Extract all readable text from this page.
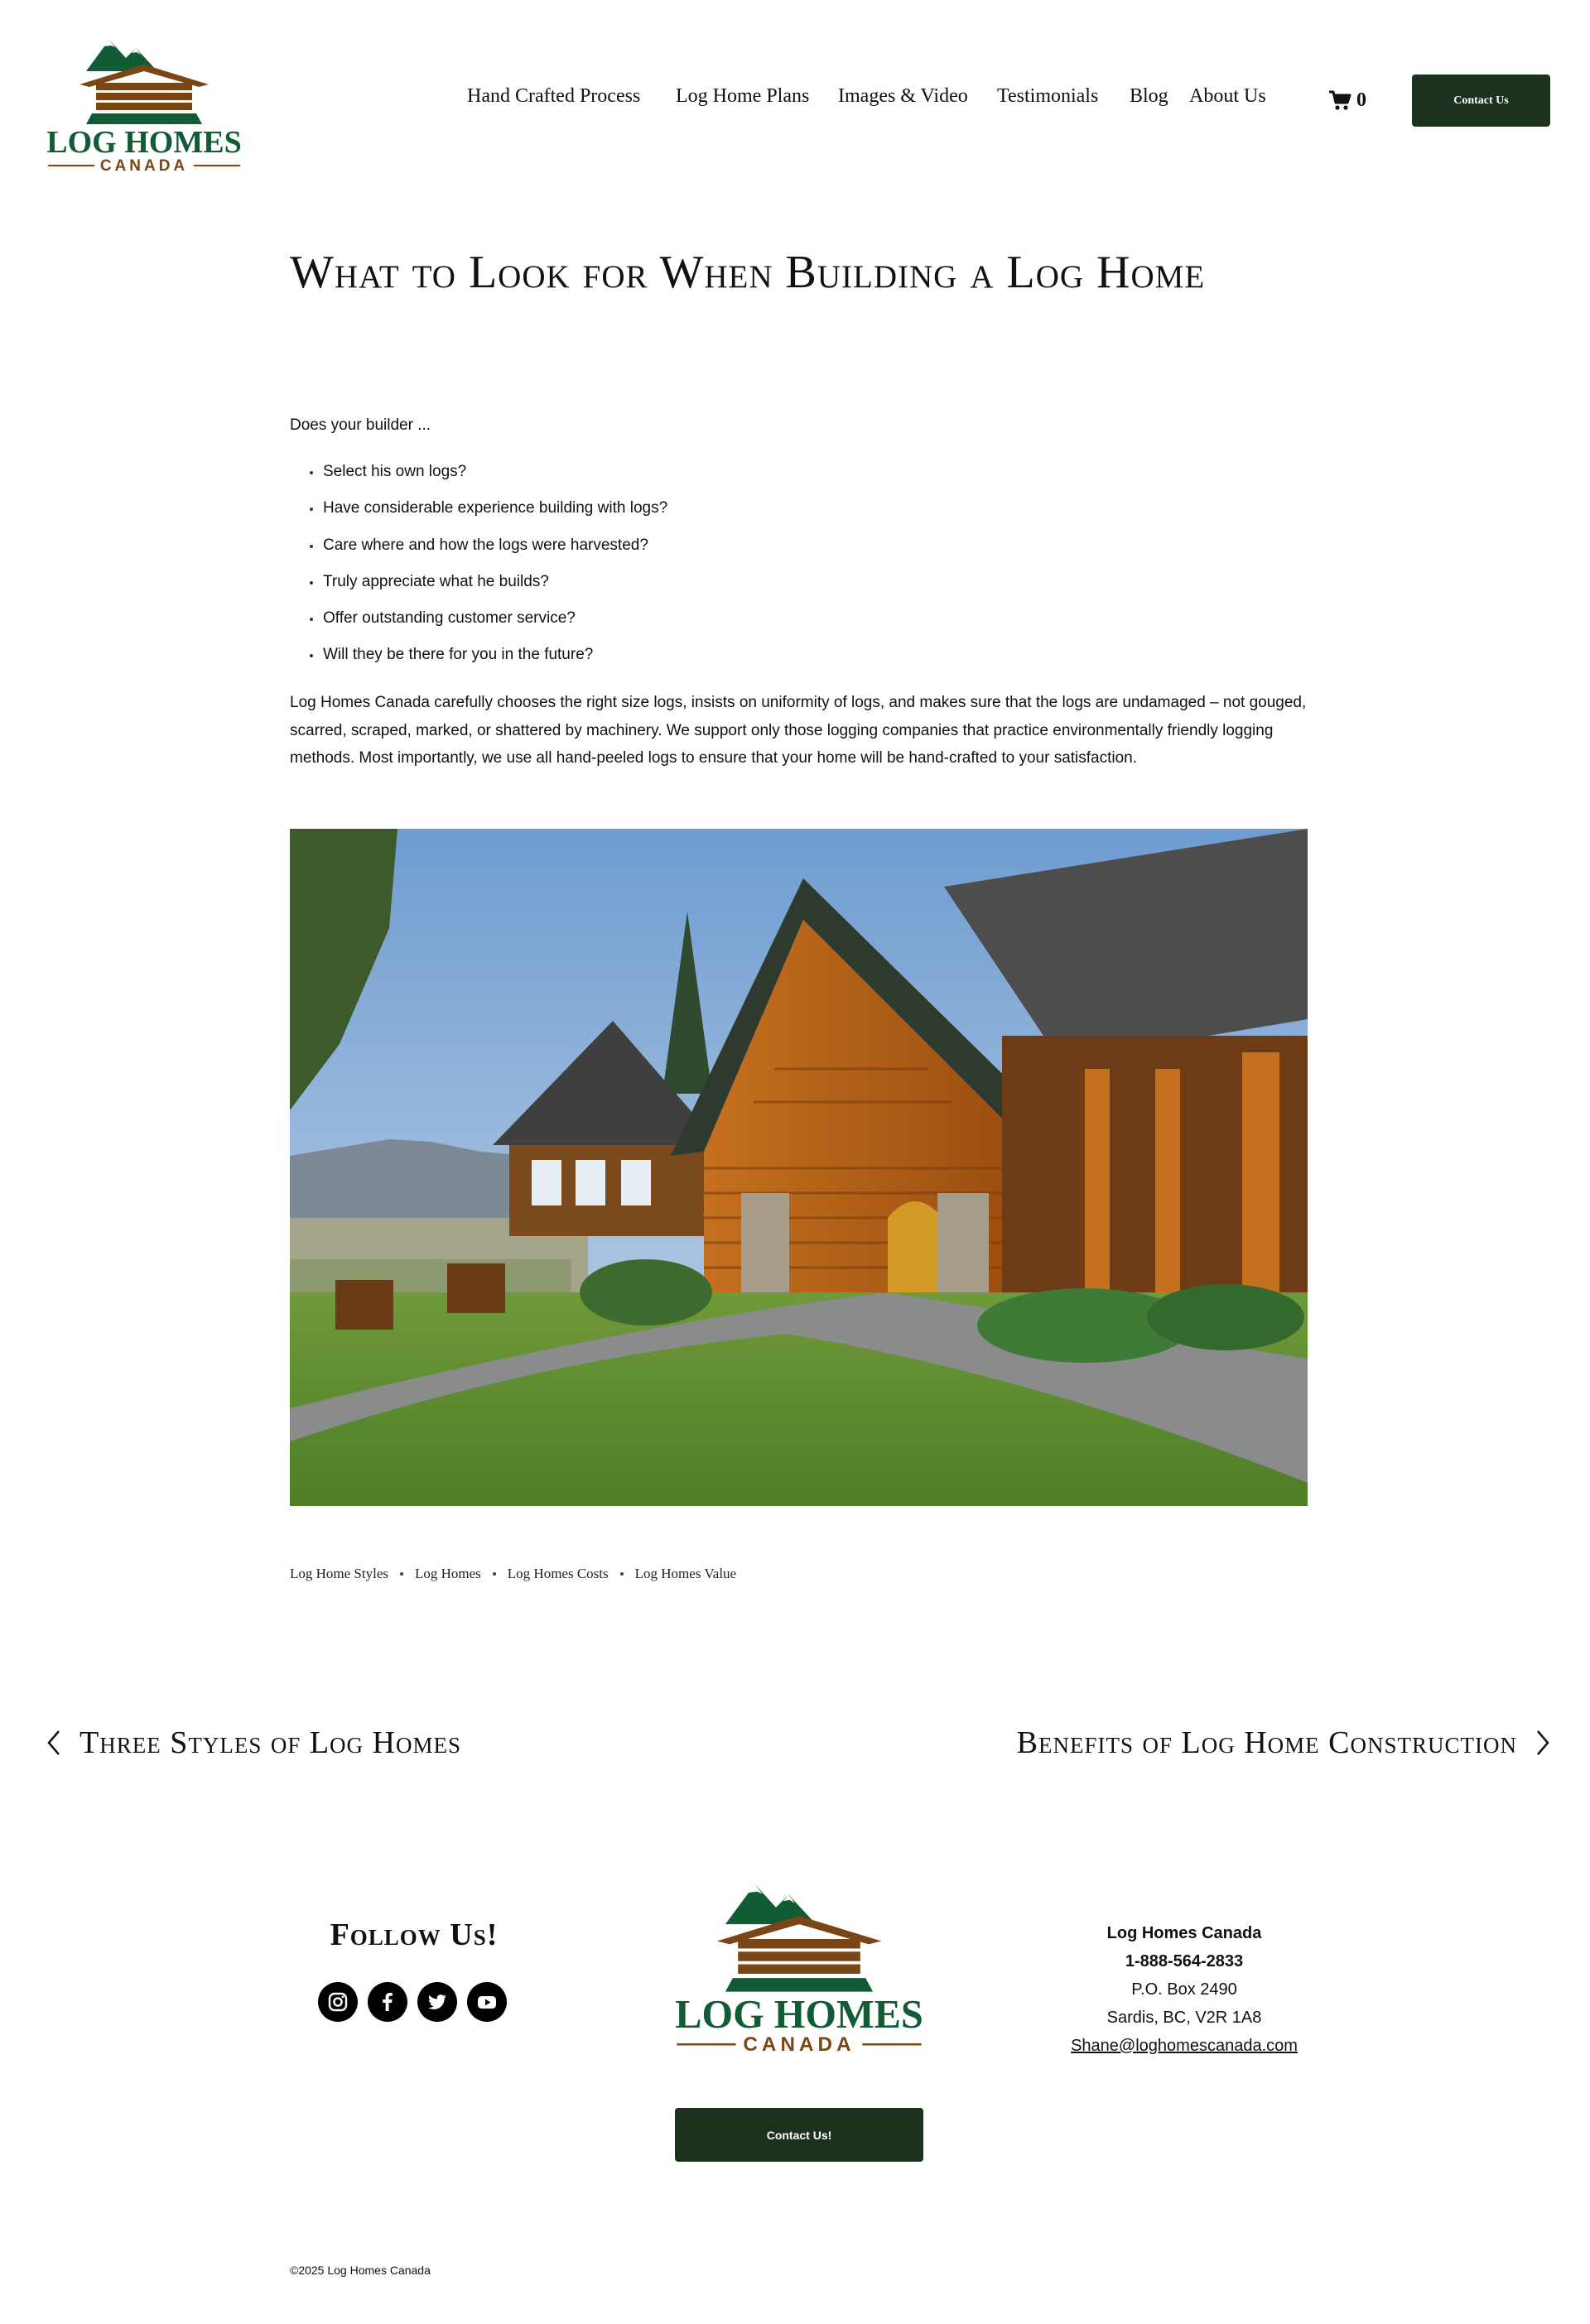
LOG HOMES
CANADA
Hand Crafted Process Log Home Plans Images & Video Testimonials Blog About Us	0	Contact Us
What to Look for When Building a Log Home

Does your builder ...

Select his own logs?
Have considerable experience building with logs?
Care where and how the logs were harvested?
Truly appreciate what he builds?
Offer outstanding customer service?
Will they be there for you in the future?

Log Homes Canada carefully chooses the right size logs, insists on uniformity of logs, and makes sure that the logs are undamaged – not gouged, scarred, scraped, marked, or shattered by machinery. We support only those logging companies that practice environmentally friendly logging methods. Most importantly, we use all hand-peeled logs to ensure that your home will be hand-crafted to your satisfaction.

Log Home Styles Log Homes Log Homes Costs Log Homes Value
Three Styles of Log Homes	Benefits of Log Home Construction
Follow Us!
LOG HOMES
CANADA
Log Homes Canada
1-888-564-2833
P.O. Box 2490
Sardis, BC, V2R 1A8
Shane@loghomescanada.com
Contact Us!
©2025 Log Homes Canada
